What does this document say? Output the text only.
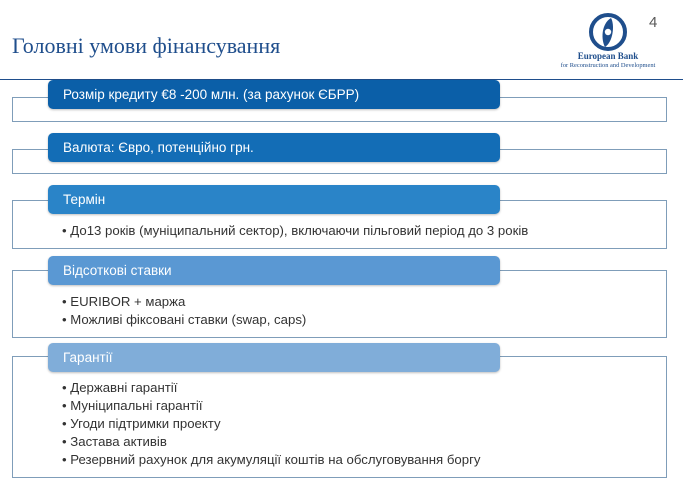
Головні умови фінансування
4
European Bank
for Reconstruction and Development
Розмір кредиту €8 -200 млн. (за рахунок ЄБРР)
Валюта: Євро, потенційно грн.
Термін
• До13 років (муніципальний сектор), включаючи пільговий період до 3 років
Відсоткові ставки
• EURIBOR + маржа
• Можливі фіксовані ставки (swap, caps)
Гарантії
• Державні гарантії
• Муніципальні гарантії
• Угоди підтримки проекту
• Застава активів
• Резервний рахунок для акумуляції коштів на обслуговування боргу
